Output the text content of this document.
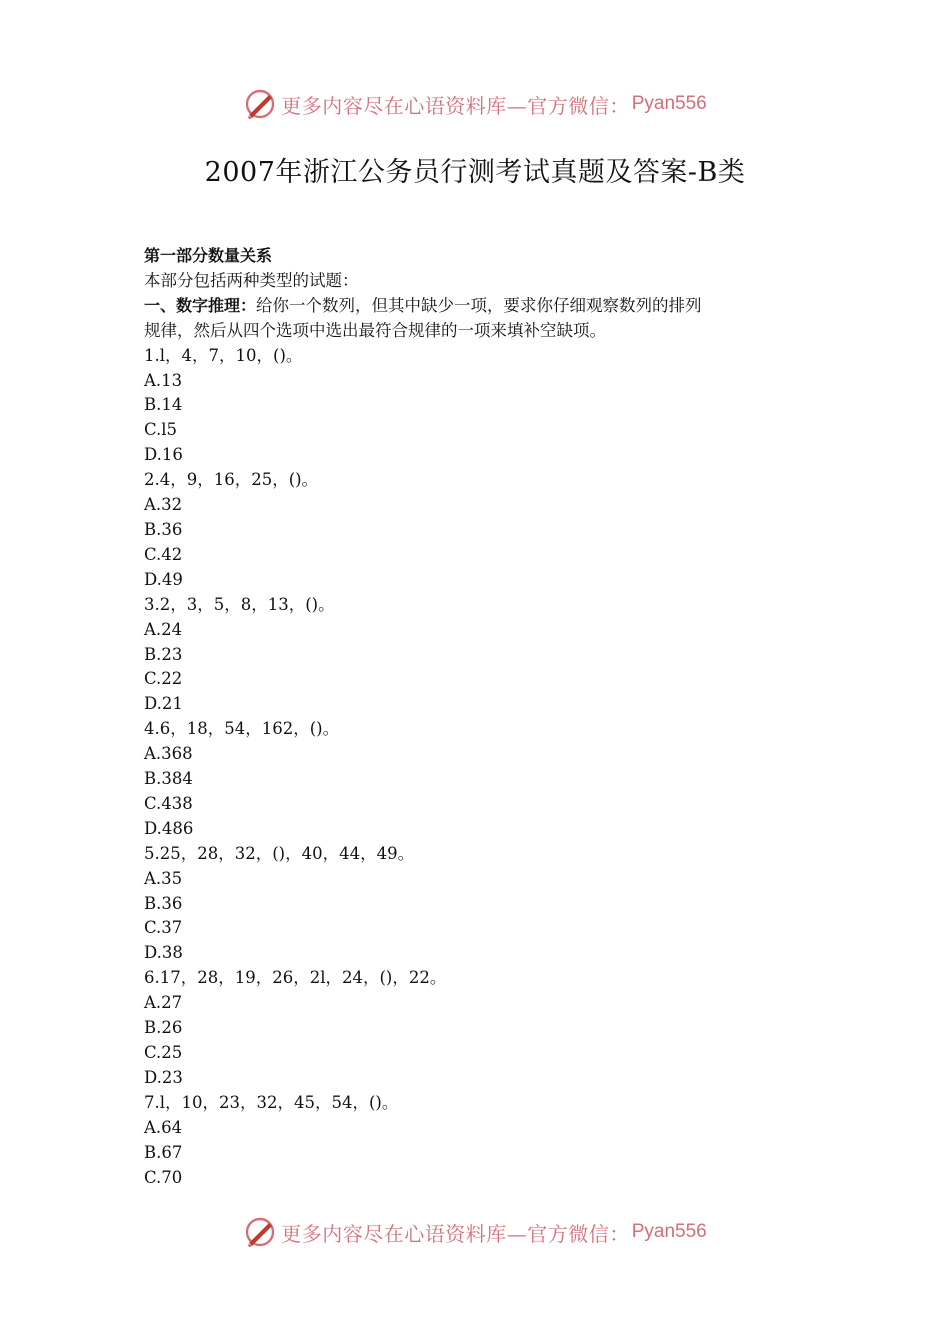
更多内容尽在心语资料库—官方微信： Pyan556
2007年浙江公务员行测考试真题及答案-B类
第一部分数量关系
本部分包括两种类型的试题：
一、数字推理：给你一个数列，但其中缺少一项，要求你仔细观察数列的排列
规律，然后从四个选项中选出最符合规律的一项来填补空缺项。
1.l，4，7，10，()。
A.13
B.14
C.l5
D.16
2.4，9，16，25，()。
A.32
B.36
C.42
D.49
3.2，3，5，8，13，()。
A.24
B.23
C.22
D.21
4.6，18，54，162，()。
A.368
B.384
C.438
D.486
5.25，28，32，()，40，44，49。
A.35
B.36
C.37
D.38
6.17，28，19，26，2l，24，()，22。
A.27
B.26
C.25
D.23
7.l，10，23，32，45，54，()。
A.64
B.67
C.70
更多内容尽在心语资料库—官方微信： Pyan556
